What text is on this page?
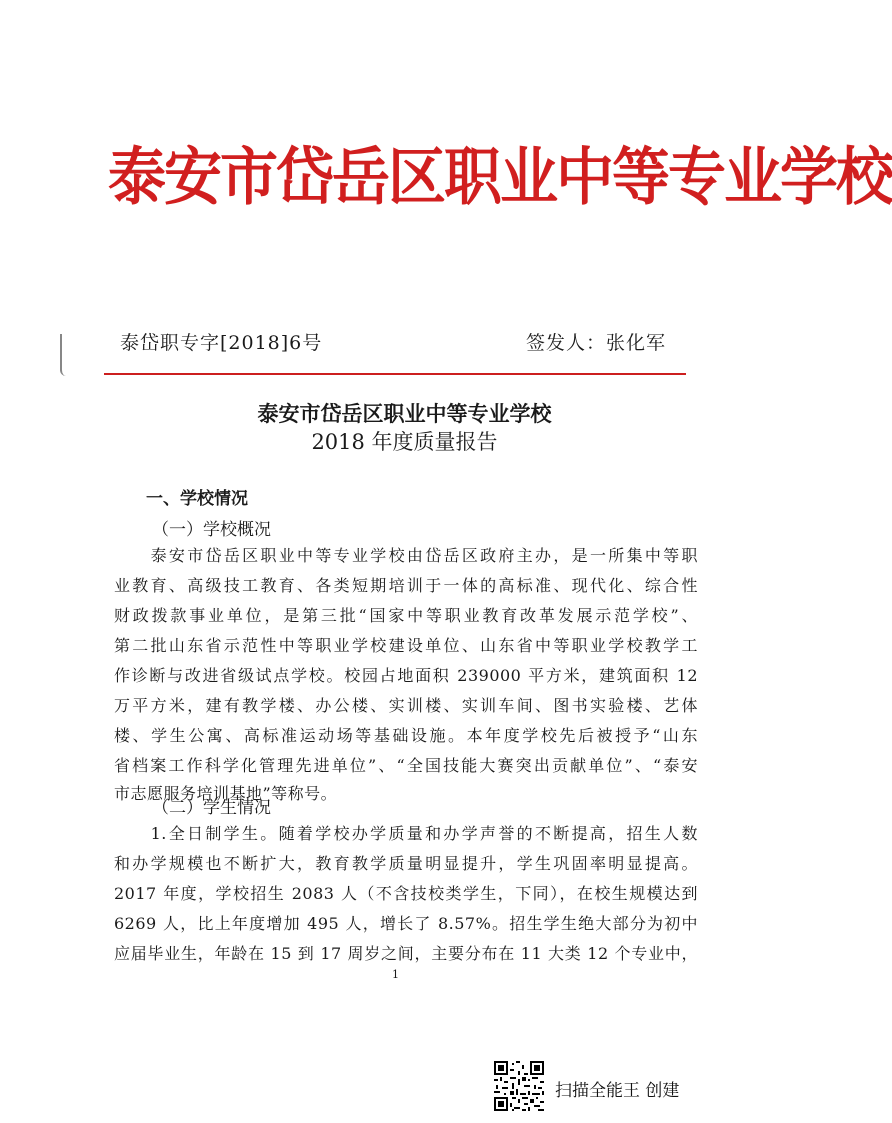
泰安市岱岳区职业中等专业学校
泰岱职专字[2018]6号	签发人：张化军
泰安市岱岳区职业中等专业学校
2018 年度质量报告
一、学校情况
（一）学校概况
　　泰安市岱岳区职业中等专业学校由岱岳区政府主办，是一所集中等职
业教育、高级技工教育、各类短期培训于一体的高标准、现代化、综合性
财政拨款事业单位，是第三批“国家中等职业教育改革发展示范学校”、
第二批山东省示范性中等职业学校建设单位、山东省中等职业学校教学工
作诊断与改进省级试点学校。校园占地面积 239000 平方米，建筑面积 12
万平方米，建有教学楼、办公楼、实训楼、实训车间、图书实验楼、艺体
楼、学生公寓、高标准运动场等基础设施。本年度学校先后被授予“山东
省档案工作科学化管理先进单位”、“全国技能大赛突出贡献单位”、“泰安
市志愿服务培训基地”等称号。
（二）学生情况
　　1.全日制学生。随着学校办学质量和办学声誉的不断提高，招生人数
和办学规模也不断扩大，教育教学质量明显提升，学生巩固率明显提高。
2017 年度，学校招生 2083 人（不含技校类学生，下同），在校生规模达到
6269 人，比上年度增加 495 人，增长了 8.57%。招生学生绝大部分为初中
应届毕业生，年龄在 15 到 17 周岁之间，主要分布在 11 大类 12 个专业中，
1
扫描全能王 创建
